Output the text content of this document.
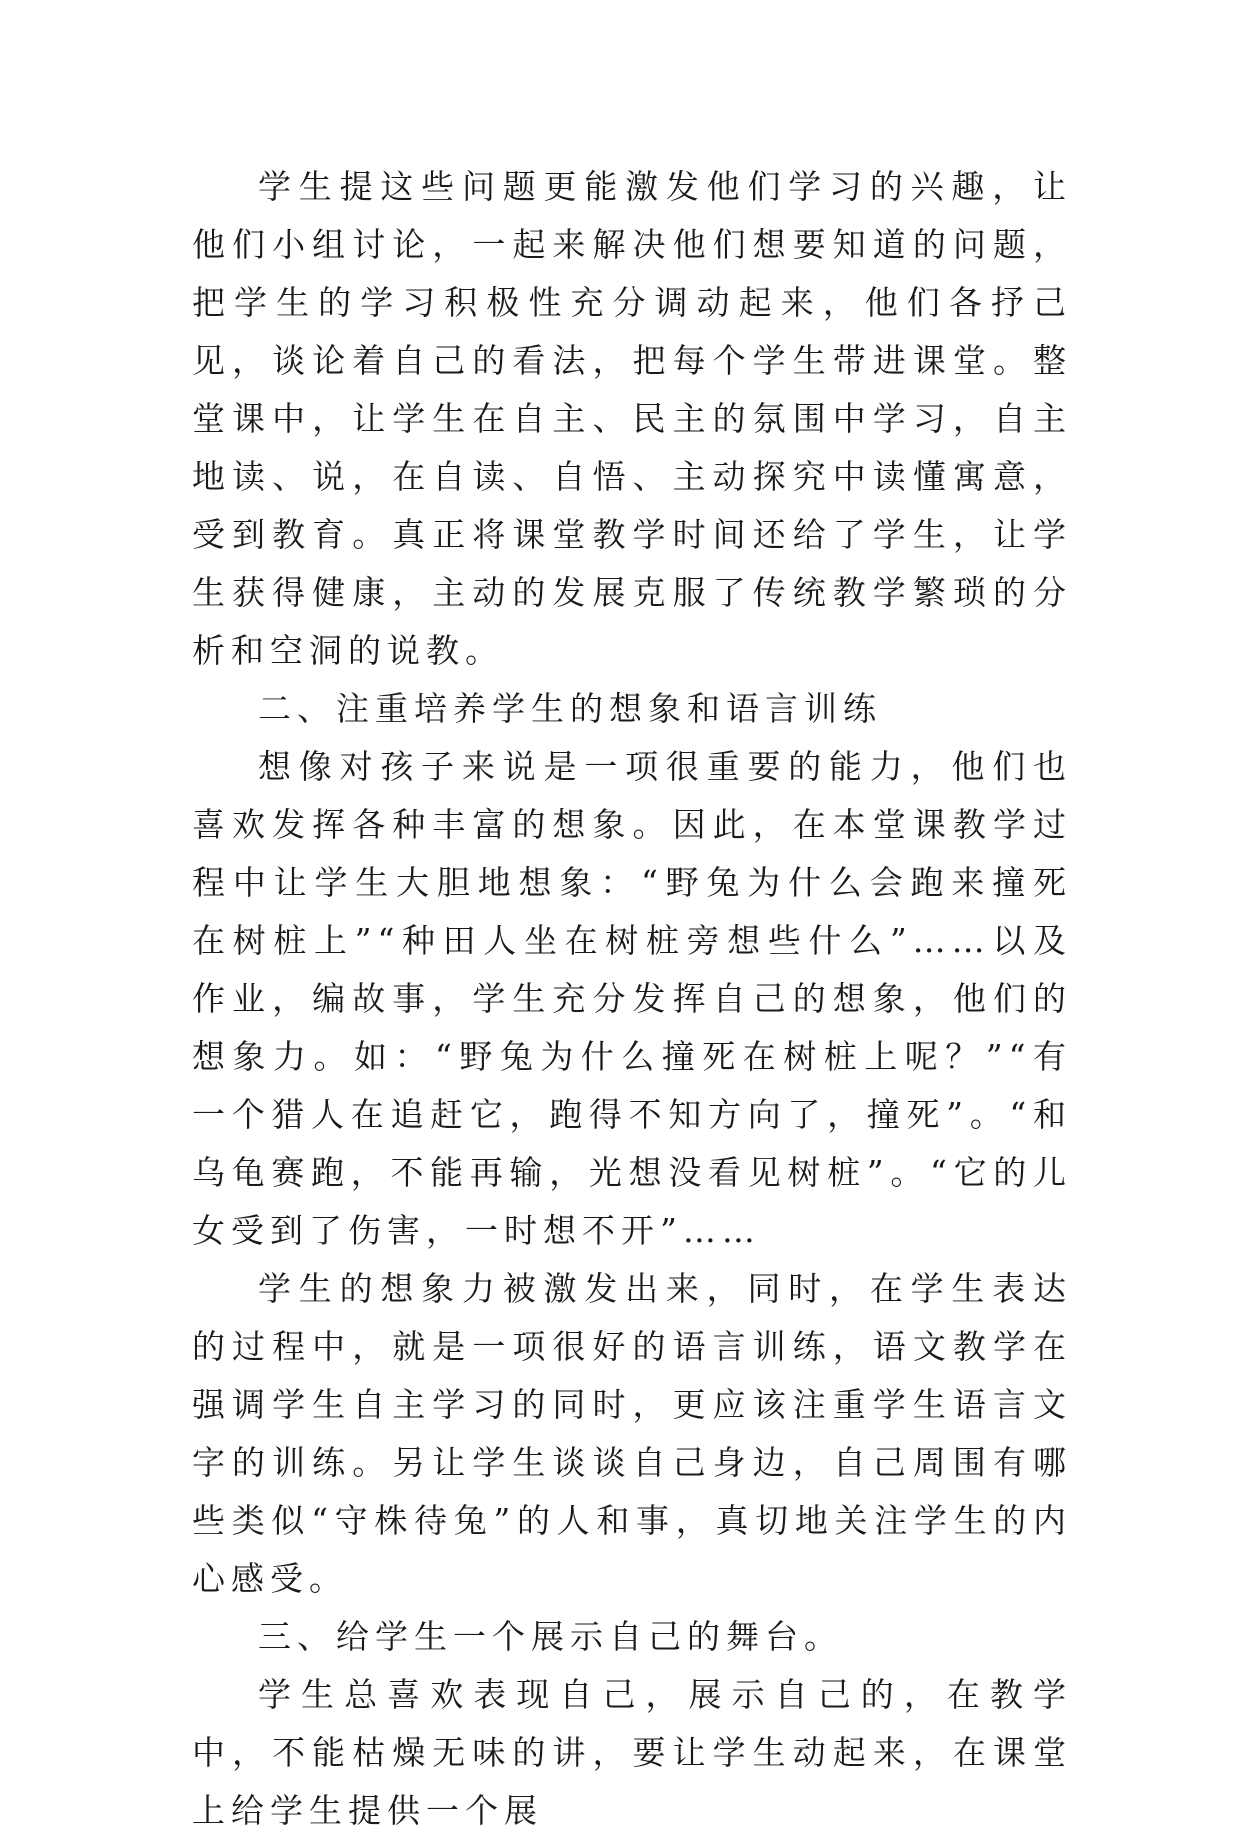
学生提这些问题更能激发他们学习的兴趣，让他们小组讨论，一起来解决他们想要知道的问题，把学生的学习积极性充分调动起来，他们各抒己见，谈论着自己的看法，把每个学生带进课堂。整堂课中，让学生在自主、民主的氛围中学习，自主地读、说，在自读、自悟、主动探究中读懂寓意，受到教育。真正将课堂教学时间还给了学生，让学生获得健康，主动的发展克服了传统教学繁琐的分析和空洞的说教。

二、注重培养学生的想象和语言训练

想像对孩子来说是一项很重要的能力，他们也喜欢发挥各种丰富的想象。因此，在本堂课教学过程中让学生大胆地想象：“野兔为什么会跑来撞死在树桩上”“种田人坐在树桩旁想些什么”……以及作业，编故事，学生充分发挥自己的想象，他们的想象力。如：“野兔为什么撞死在树桩上呢？”“有一个猎人在追赶它，跑得不知方向了，撞死”。“和乌龟赛跑，不能再输，光想没看见树桩”。“它的儿女受到了伤害，一时想不开”……

学生的想象力被激发出来，同时，在学生表达的过程中，就是一项很好的语言训练，语文教学在强调学生自主学习的同时，更应该注重学生语言文字的训练。另让学生谈谈自己身边，自己周围有哪些类似“守株待兔”的人和事，真切地关注学生的内心感受。

三、给学生一个展示自己的舞台。

学生总喜欢表现自己，展示自己的，在教学中，不能枯燥无味的讲，要让学生动起来，在课堂上给学生提供一个展
